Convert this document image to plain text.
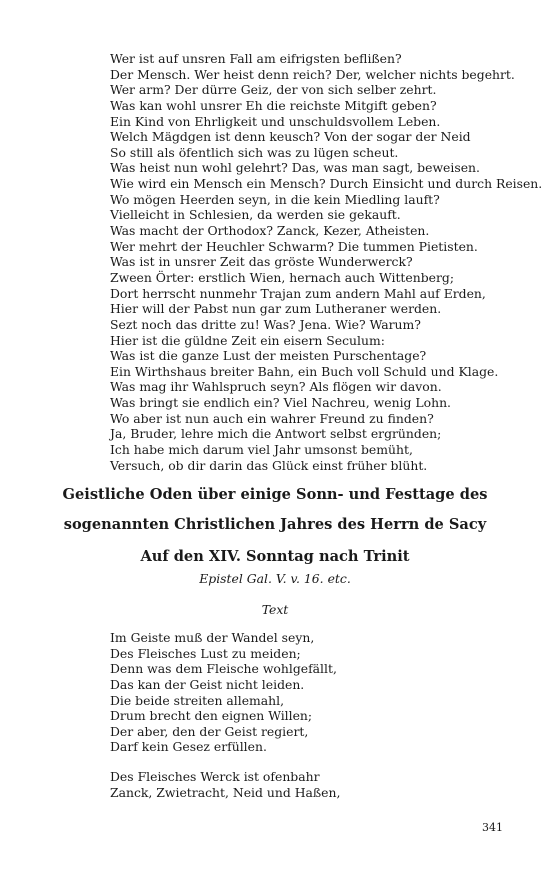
Wer ist auf unsren Fall am eifrigsten beflißen?
Der Mensch. Wer heist denn reich? Der, welcher nichts begehrt.
Wer arm? Der dürre Geiz, der von sich selber zehrt.
Was kan wohl unsrer Eh die reichste Mitgift geben?
Ein Kind von Ehrligkeit und unschuldsvollem Leben.
Welch Mägdgen ist denn keusch? Von der sogar der Neid
So still als öfentlich sich was zu lügen scheut.
Was heist nun wohl gelehrt? Das, was man sagt, beweisen.
Wie wird ein Mensch ein Mensch? Durch Einsicht und durch Reisen.
Wo mögen Heerden seyn, in die kein Miedling lauft?
Vielleicht in Schlesien, da werden sie gekauft.
Was macht der Orthodox? Zanck, Kezer, Atheisten.
Wer mehrt der Heuchler Schwarm? Die tummen Pietisten.
Was ist in unsrer Zeit das gröste Wunderwerck?
Zween Örter: erstlich Wien, hernach auch Wittenberg;
Dort herrscht nunmehr Trajan zum andern Mahl auf Erden,
Hier will der Pabst nun gar zum Lutheraner werden.
Sezt noch das dritte zu! Was? Jena. Wie? Warum?
Hier ist die güldne Zeit ein eisern Seculum:
Was ist die ganze Lust der meisten Purschentage?
Ein Wirthshaus breiter Bahn, ein Buch voll Schuld und Klage.
Was mag ihr Wahlspruch seyn? Als flögen wir davon.
Was bringt sie endlich ein? Viel Nachreu, wenig Lohn.
Wo aber ist nun auch ein wahrer Freund zu finden?
Ja, Bruder, lehre mich die Antwort selbst ergründen;
Ich habe mich darum viel Jahr umsonst bemüht,
Versuch, ob dir darin das Glück einst früher blüht.
Geistliche Oden über einige Sonn- und Festtage des
sogenannten Christlichen Jahres des Herrn de Sacy
Auf den XIV. Sonntag nach Trinit
Epistel Gal. V. v. 16. etc.
Text
Im Geiste muß der Wandel seyn,
Des Fleisches Lust zu meiden;
Denn was dem Fleische wohlgefällt,
Das kan der Geist nicht leiden.
Die beide streiten allemahl,
Drum brecht den eignen Willen;
Der aber, den der Geist regiert,
Darf kein Gesez erfüllen.
Des Fleisches Werck ist ofenbahr
Zanck, Zwietracht, Neid und Haßen,
341
